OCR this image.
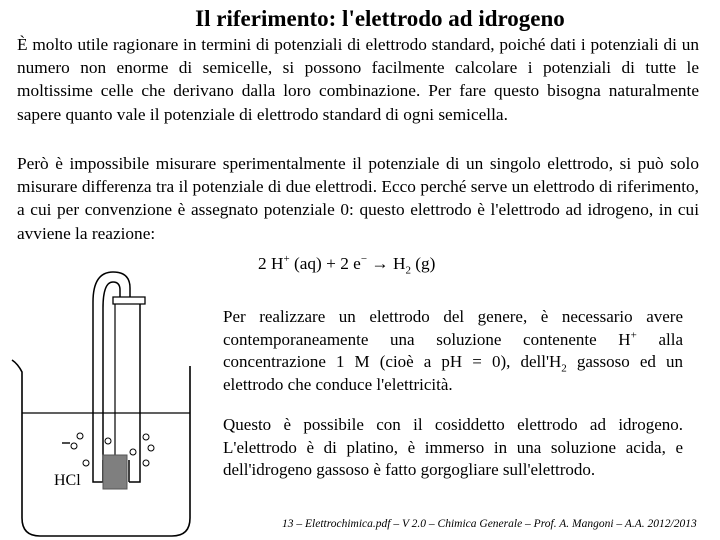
Il riferimento: l'elettrodo ad idrogeno

È molto utile ragionare in termini di potenziali di elettrodo standard, poiché dati i potenziali di un numero non enorme di semicelle, si possono facilmente calcolare i potenziali di tutte le moltissime celle che derivano dalla loro combinazione. Per fare questo bisogna naturalmente sapere quanto vale il potenziale di elettrodo standard di ogni semicella.

Però è impossibile misurare sperimentalmente il potenziale di un singolo elettrodo, si può solo misurare differenza tra il potenziale di due elettrodi. Ecco perché serve un elettrodo di riferimento, a cui per convenzione è assegnato potenziale 0: questo elettrodo è l'elettrodo ad idrogeno, in cui avviene la reazione:

2 H+ (aq) + 2 $e^- \to H_2$ (g)

Per realizzare un elettrodo del genere, è necessario avere contemporaneamente una soluzione contenente H+ alla concentrazione 1 M (cioè a pH = 0), $dell'H_2$ gassoso ed un elettrodo che conduce l'elettricità.

Questo è possibile con il cosiddetto elettrodo ad idrogeno. L'elettrodo è di platino, è immerso in una soluzione acida, e dell'idrogeno gassoso è fatto gorgogliare sull'elettrodo.

HCl
13 – Elettrochimica.pdf – V 2.0 – Chimica Generale – Prof. A. Mangoni – A.A. 2012/2013
